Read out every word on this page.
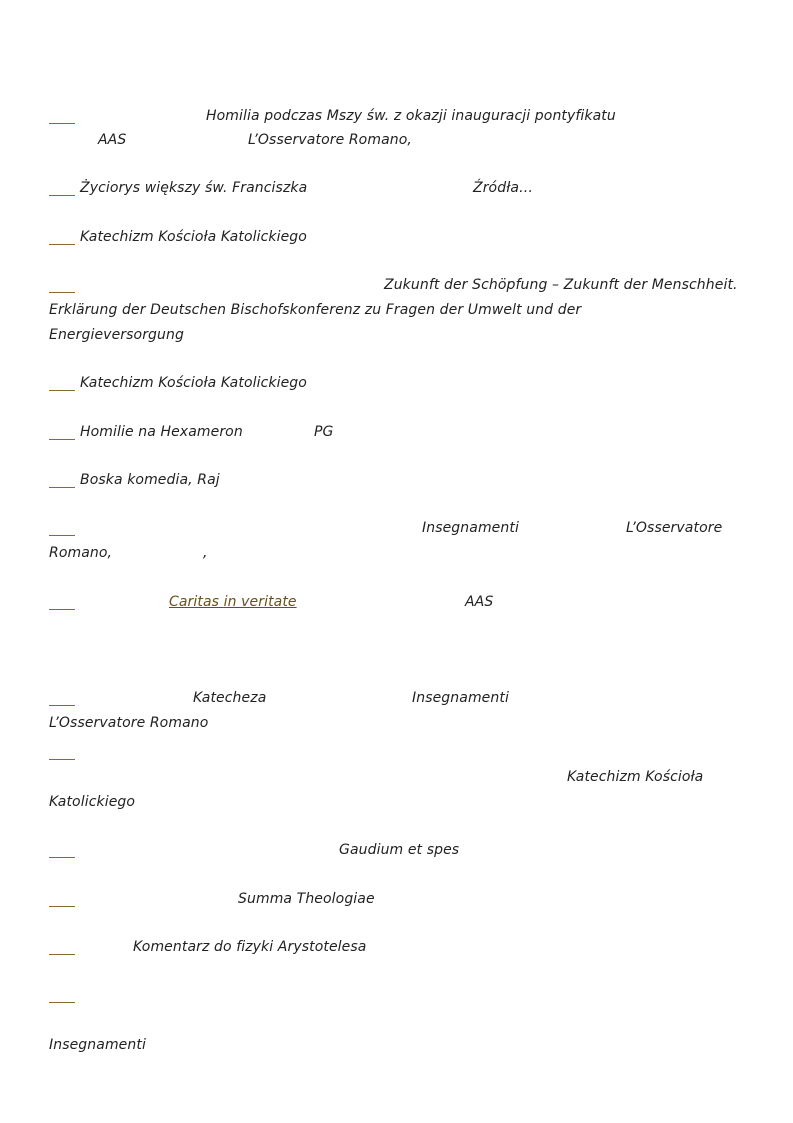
Homilia podczas Mszy św. z okazji inauguracji pontyfikatu
AAS	L’Osservatore Romano,
Życiorys większy św. Franciszka	Źródła…
Katechizm Kościoła Katolickiego
Zukunft der Schöpfung – Zukunft der Menschheit.
Erklärung der Deutschen Bischofskonferenz zu Fragen der Umwelt und der
Energieversorgung
Katechizm Kościoła Katolickiego
Homilie na Hexameron	PG
Boska komedia, Raj
Insegnamenti	L’Osservatore
Romano,	,
Caritas in veritate	AAS
Katecheza	Insegnamenti
L’Osservatore Romano
Katechizm Kościoła
Katolickiego
Gaudium et spes
Summa Theologiae
Komentarz do fizyki Arystotelesa
Insegnamenti
